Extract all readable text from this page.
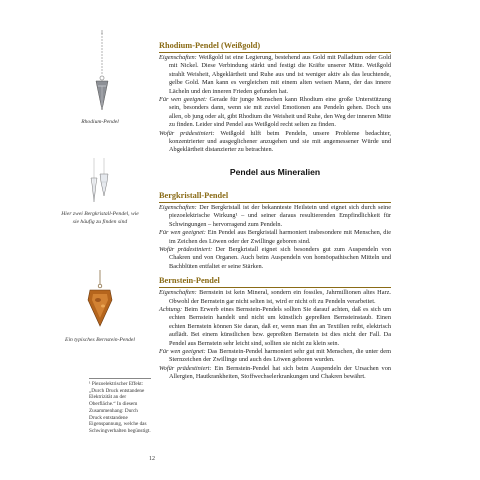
Rhodium-Pendel
Hier zwei Bergkristall-Pendel, wie sie häufig zu finden sind
Ein typisches Bernstein-Pendel
¹ Piezoelektrischer Effekt: „Durch Druck entstandene Elektrizität an der Oberfläche.“ In diesem Zusammenhang: Durch Druck entstandene Eigenspannung, welche das Schwingverhalten begünstigt.
Rhodium-Pendel (Weißgold)

Eigenschaften: Weißgold ist eine Legierung, bestehend aus Gold mit Palladium oder Gold mit Nickel. Diese Verbindung stärkt und festigt die Kräfte unserer Mitte. Weißgold strahlt Weisheit, Abgeklärtheit und Ruhe aus und ist weniger aktiv als das leuchtende, gelbe Gold. Man kann es vergleichen mit einem alten weisen Mann, der das innere Lächeln und den inneren Frieden gefunden hat.

Für wen geeignet: Gerade für junge Menschen kann Rhodium eine große Unterstützung sein, besonders dann, wenn sie mit zuviel Emotionen ans Pendeln gehen. Doch uns allen, ob jung oder alt, gibt Rhodium die Weisheit und Ruhe, den Weg der inneren Mitte zu finden. Leider sind Pendel aus Weißgold recht selten zu finden.

Wofür prädestiniert: Weißgold hilft beim Pendeln, unsere Probleme bedachter, konzentrierter und ausgeglichener anzugehen und sie mit angemessener Würde und Abgeklärtheit distanzierter zu betrachten.

Pendel aus Mineralien
Bergkristall-Pendel

Eigenschaften: Der Bergkristall ist der bekannteste Heilstein und eignet sich durch seine piezoelektrische Wirkung¹ – und seiner daraus resultierenden Empfindlichkeit für Schwingungen – hervorragend zum Pendeln.

Für wen geeignet: Ein Pendel aus Bergkristall harmoniert insbesondere mit Menschen, die im Zeichen des Löwen oder der Zwillinge geboren sind.

Wofür prädestiniert: Der Bergkristall eignet sich besonders gut zum Auspendeln von Chakren und von Organen. Auch beim Auspendeln von homöopathischen Mitteln und Bachblüten entfaltet er seine Stärken.

Bernstein-Pendel

Eigenschaften: Bernstein ist kein Mineral, sondern ein fossiles, Jahrmillionen altes Harz. Obwohl der Bernstein gar nicht selten ist, wird er nicht oft zu Pendeln verarbeitet.

Achtung: Beim Erwerb eines Bernstein-Pendels sollten Sie darauf achten, daß es sich um echten Bernstein handelt und nicht um künstlich gepreßten Bernsteinstaub. Einen echten Bernstein können Sie daran, daß er, wenn man ihn an Textilien reibt, elektrisch auflädt. Bei einem künstlichen bzw. gepreßten Bernstein ist dies nicht der Fall. Da Pendel aus Bernstein sehr leicht sind, sollten sie nicht zu klein sein.

Für wen geeignet: Das Bernstein-Pendel harmoniert sehr gut mit Menschen, die unter dem Sternzeichen der Zwillinge und auch des Löwen geboren wurden.

Wofür prädestiniert: Ein Bernstein-Pendel hat sich beim Auspendeln der Ursachen von Allergien, Hautkrankheiten, Stoffwechselerkrankungen und Chakren bewährt.

12
